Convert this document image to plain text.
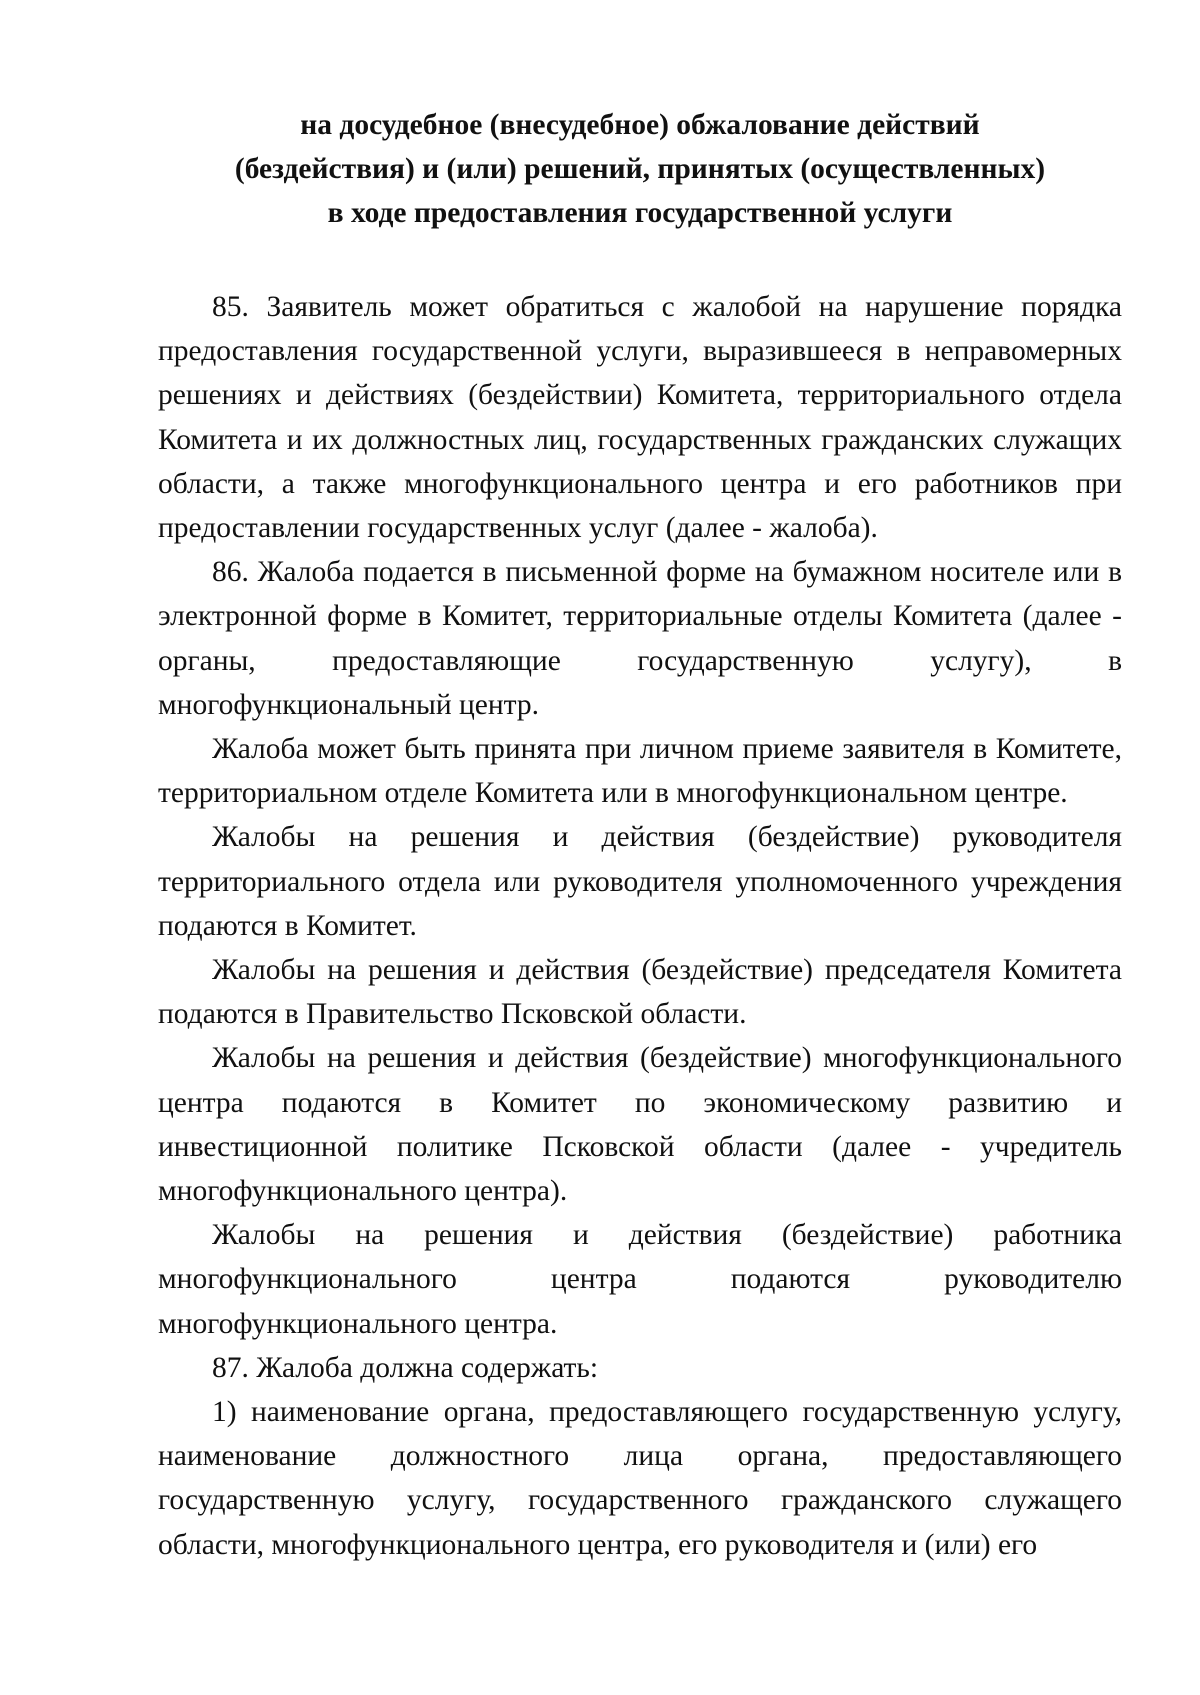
на досудебное (внесудебное) обжалование действий
(бездействия) и (или) решений, принятых (осуществленных)
в ходе предоставления государственной услуги

85. Заявитель может обратиться с жалобой на нарушение порядка предоставления государственной услуги, выразившееся в неправомерных решениях и действиях (бездействии) Комитета, территориального отдела Комитета и их должностных лиц, государственных гражданских служащих области, а также многофункционального центра и его работников при предоставлении государственных услуг (далее - жалоба).

86. Жалоба подается в письменной форме на бумажном носителе или в электронной форме в Комитет, территориальные отделы Комитета (далее - органы, предоставляющие государственную услугу), в многофункциональный центр.

Жалоба может быть принята при личном приеме заявителя в Комитете, территориальном отделе Комитета или в многофункциональном центре.

Жалобы на решения и действия (бездействие) руководителя территориального отдела или руководителя уполномоченного учреждения подаются в Комитет.

Жалобы на решения и действия (бездействие) председателя Комитета подаются в Правительство Псковской области.

Жалобы на решения и действия (бездействие) многофункционального центра подаются в Комитет по экономическому развитию и инвестиционной политике Псковской области (далее - учредитель многофункционального центра).

Жалобы на решения и действия (бездействие) работника многофункционального центра подаются руководителю многофункционального центра.

87. Жалоба должна содержать:

1) наименование органа, предоставляющего государственную услугу, наименование должностного лица органа, предоставляющего государственную услугу, государственного гражданского служащего области, многофункционального центра, его руководителя и (или) его
